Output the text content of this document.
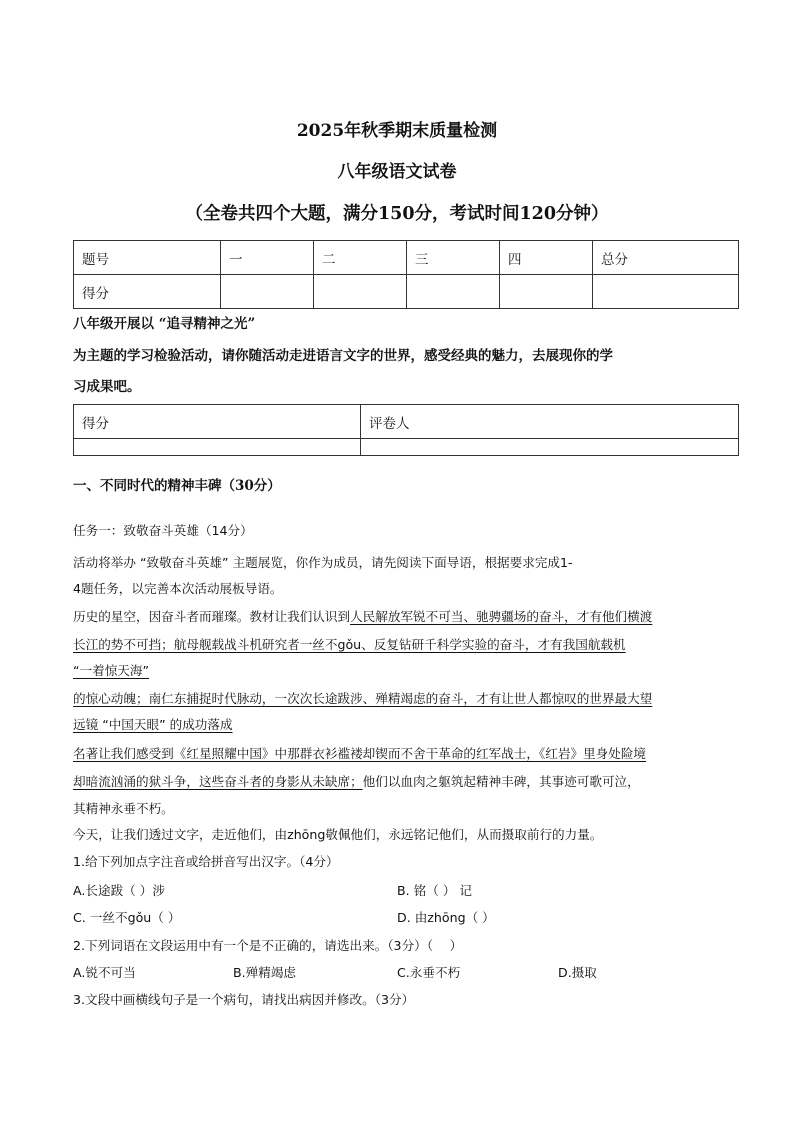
2025年秋季期末质量检测
八年级语文试卷
（全卷共四个大题，满分150分，考试时间120分钟）
题号	一	二	三	四	总分
得分					
八年级开展以 “追寻精神之光”
为主题的学习检验活动，请你随活动走进语言文字的世界，感受经典的魅力，去展现你的学
习成果吧。
得分	评卷人

一、不同时代的精神丰碑（30分）
任务一：致敬奋斗英雄（14分）
活动将举办 “致敬奋斗英雄” 主题展览，你作为成员，请先阅读下面导语，根据要求完成1-
4题任务，以完善本次活动展板导语。
历史的星空，因奋斗者而璀璨。教材让我们认识到人民解放军锐不可当、驰骋疆场的奋斗，才有他们横渡
长江的势不可挡；航母舰载战斗机研究者一丝不gǒu、反复钻研千科学实验的奋斗，才有我国航载机
“一着惊天海”
的惊心动魄；南仁东捕捉时代脉动，一次次长途跋涉、殚精竭虑的奋斗，才有让世人都惊叹的世界最大望
远镜 “中国天眼” 的成功落成
名著让我们感受到《红星照耀中国》中那群衣衫褴褛却锲而不舍干革命的红军战士，《红岩》里身处险境
却暗流汹涌的狱斗争，这些奋斗者的身影从未缺席；他们以血肉之躯筑起精神丰碑，其事迹可歌可泣，
其精神永垂不朽。
今天，让我们透过文字，走近他们，由zhōng敬佩他们，永远铭记他们，从而摄取前行的力量。
1.给下列加点字注音或给拼音写出汉字。（4分）
A.长途跋（ ）涉	B. 铭（ ） 记
C. 一丝不gǒu（ ）	D. 由zhōng（ ）
2.下列词语在文段运用中有一个是不正确的，请选出来。（3分）（　 ）
A.锐不可当	B.殚精竭虑	C.永垂不朽	D.摄取
3.文段中画横线句子是一个病句，请找出病因并修改。（3分）
